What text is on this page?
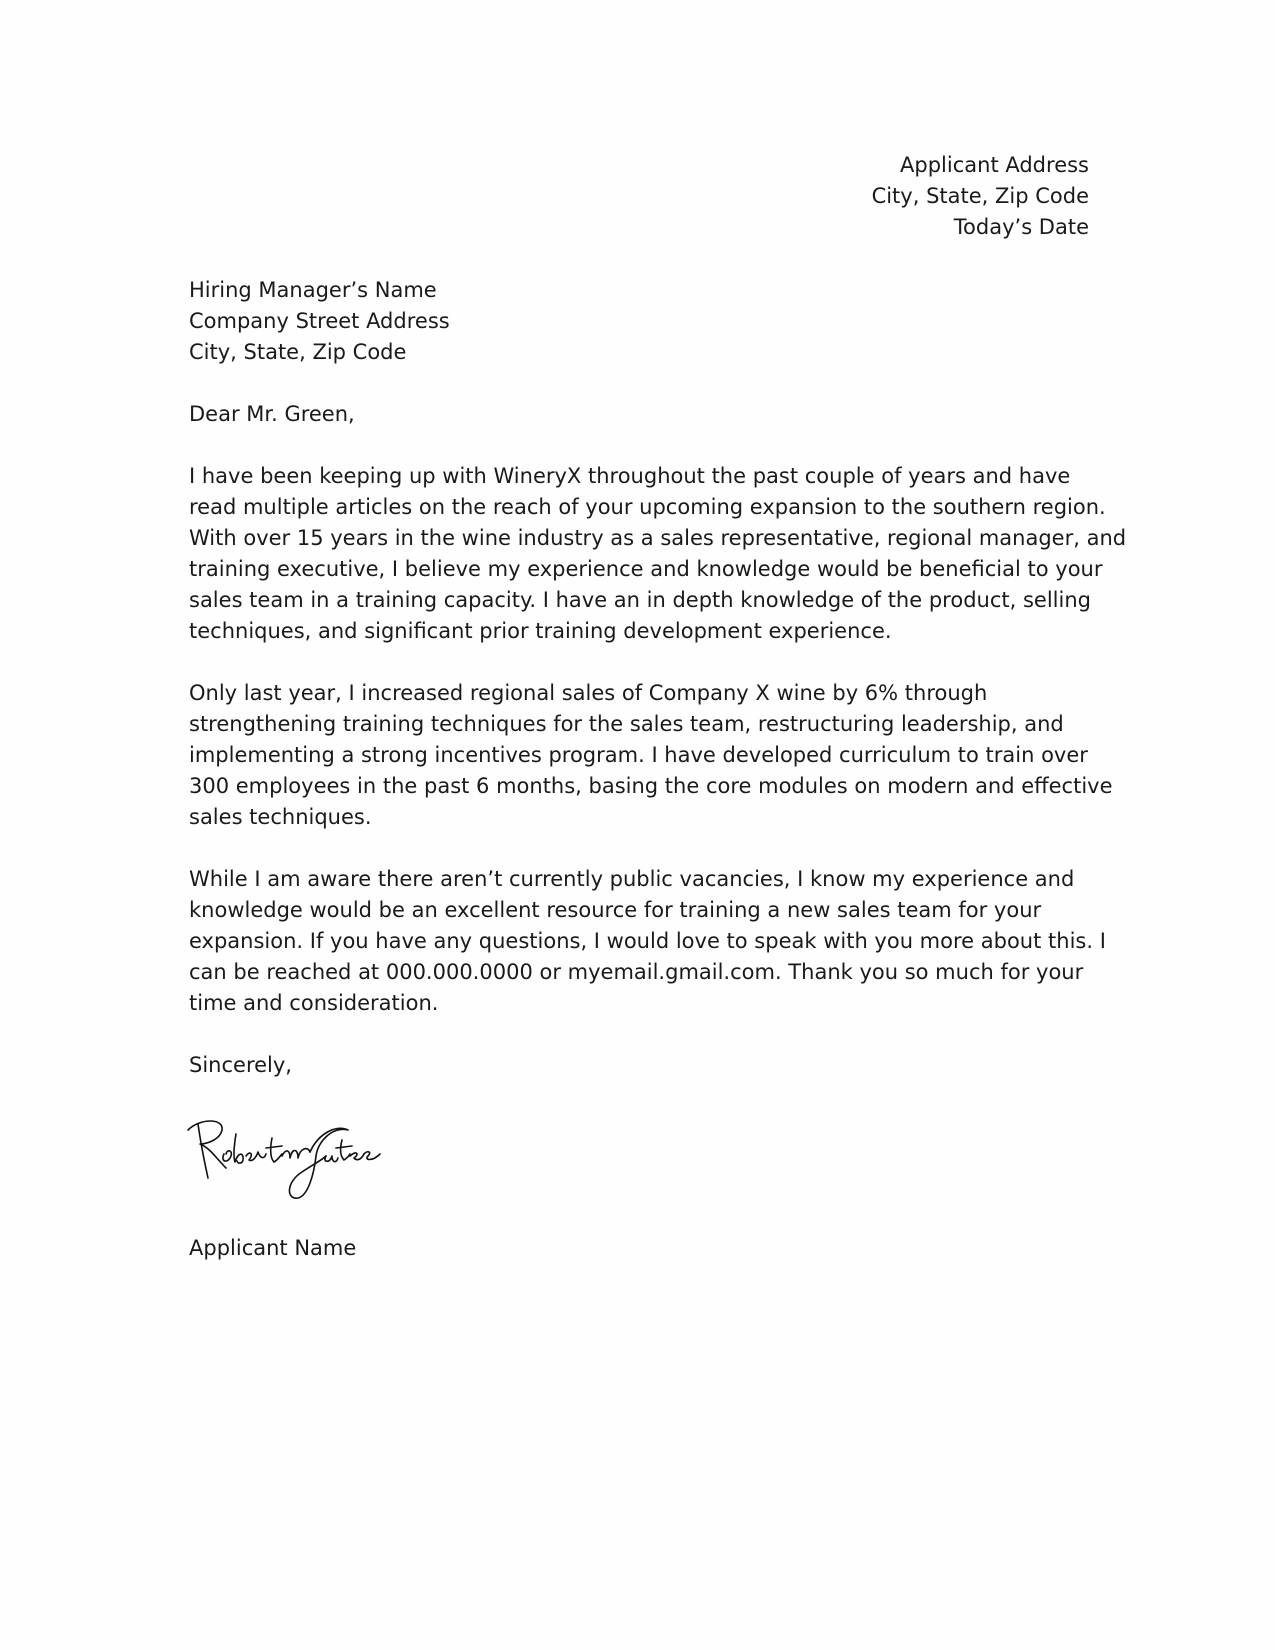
Applicant Address
City, State, Zip Code
Today’s Date
Hiring Manager’s Name
Company Street Address
City, State, Zip Code
Dear Mr. Green,
I have been keeping up with WineryX throughout the past couple of years and have
read multiple articles on the reach of your upcoming expansion to the southern region.
With over 15 years in the wine industry as a sales representative, regional manager, and
training executive, I believe my experience and knowledge would be beneficial to your
sales team in a training capacity. I have an in depth knowledge of the product, selling
techniques, and significant prior training development experience.
Only last year, I increased regional sales of Company X wine by 6% through
strengthening training techniques for the sales team, restructuring leadership, and
implementing a strong incentives program. I have developed curriculum to train over
300 employees in the past 6 months, basing the core modules on modern and effective
sales techniques.
While I am aware there aren’t currently public vacancies, I know my experience and
knowledge would be an excellent resource for training a new sales team for your
expansion. If you have any questions, I would love to speak with you more about this. I
can be reached at 000.000.0000 or myemail.gmail.com. Thank you so much for your
time and consideration.
Sincerely,
Applicant Name
